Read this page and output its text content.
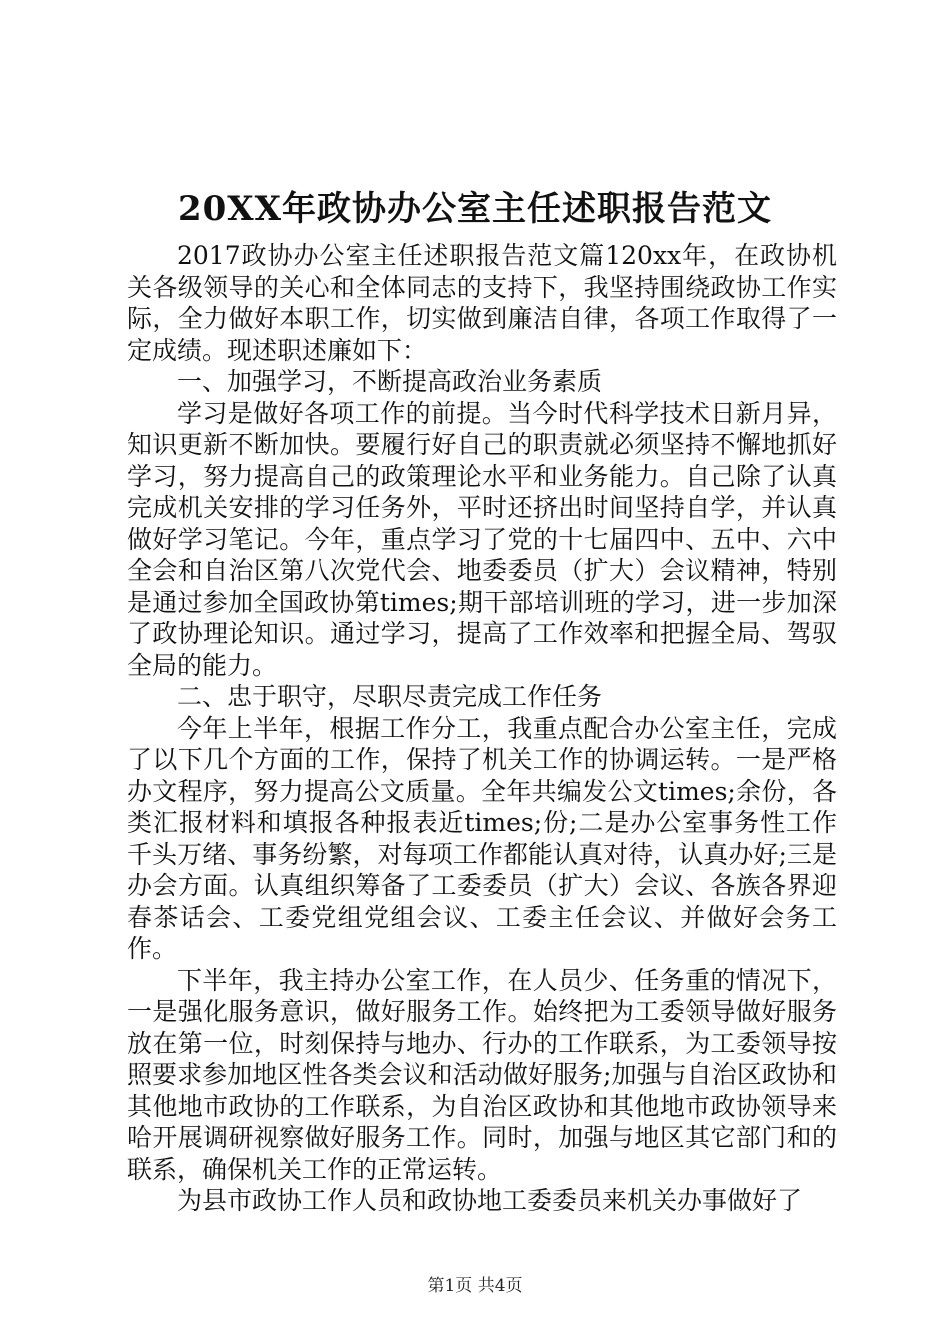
20XX年政协办公室主任述职报告范文

2017政协办公室主任述职报告范文篇120xx年，在政协机关各级领导的关心和全体同志的支持下，我坚持围绕政协工作实际，全力做好本职工作，切实做到廉洁自律，各项工作取得了一定成绩。现述职述廉如下：

一、加强学习，不断提高政治业务素质

学习是做好各项工作的前提。当今时代科学技术日新月异，知识更新不断加快。要履行好自己的职责就必须坚持不懈地抓好学习，努力提高自己的政策理论水平和业务能力。自己除了认真完成机关安排的学习任务外，平时还挤出时间坚持自学，并认真做好学习笔记。今年，重点学习了党的十七届四中、五中、六中全会和自治区第八次党代会、地委委员（扩大）会议精神，特别是通过参加全国政协第times;期干部培训班的学习，进一步加深了政协理论知识。通过学习，提高了工作效率和把握全局、驾驭全局的能力。

二、忠于职守，尽职尽责完成工作任务

今年上半年，根据工作分工，我重点配合办公室主任，完成了以下几个方面的工作，保持了机关工作的协调运转。一是严格办文程序，努力提高公文质量。全年共编发公文times;余份，各类汇报材料和填报各种报表近times;份;二是办公室事务性工作千头万绪、事务纷繁，对每项工作都能认真对待，认真办好;三是办会方面。认真组织筹备了工委委员（扩大）会议、各族各界迎春茶话会、工委党组党组会议、工委主任会议、并做好会务工作。

下半年，我主持办公室工作，在人员少、任务重的情况下，一是强化服务意识，做好服务工作。始终把为工委领导做好服务放在第一位，时刻保持与地办、行办的工作联系，为工委领导按照要求参加地区性各类会议和活动做好服务;加强与自治区政协和其他地市政协的工作联系，为自治区政协和其他地市政协领导来哈开展调研视察做好服务工作。同时，加强与地区其它部门和的联系，确保机关工作的正常运转。

为县市政协工作人员和政协地工委委员来机关办事做好了

第1页 共4页
